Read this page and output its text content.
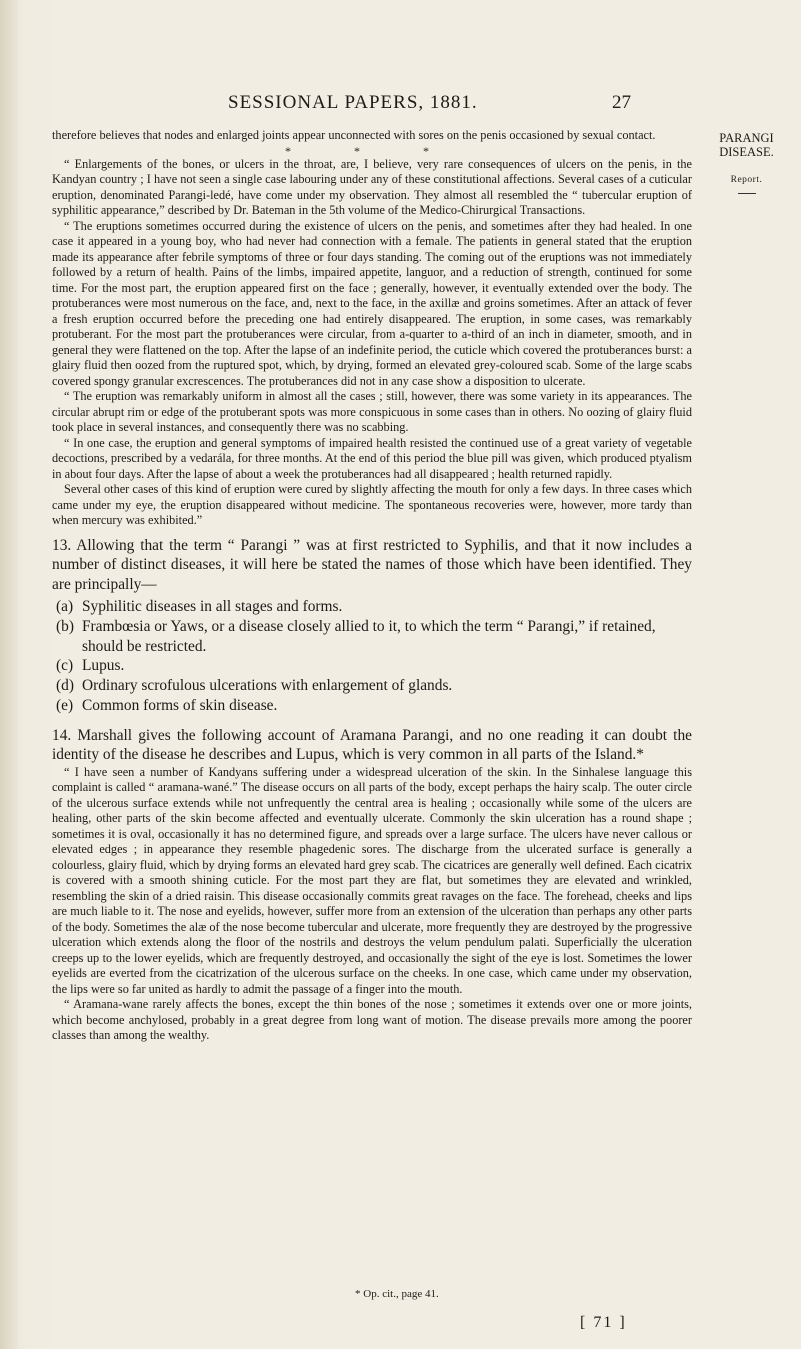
SESSIONAL PAPERS, 1881.	27
PARANGI
DISEASE.
Report.

therefore believes that nodes and enlarged joints appear unconnected with sores on the penis occasioned by sexual contact.

* * *

“ Enlargements of the bones, or ulcers in the throat, are, I believe, very rare consequences of ulcers on the penis, in the Kandyan country ; I have not seen a single case labouring under any of these constitutional affections. Several cases of a cuticular eruption, denominated Parangi-ledé, have come under my observation. They almost all resembled the “ tubercular eruption of syphilitic appearance,” described by Dr. Bateman in the 5th volume of the Medico-Chirurgical Transactions.

“ The eruptions sometimes occurred during the existence of ulcers on the penis, and sometimes after they had healed. In one case it appeared in a young boy, who had never had connection with a female. The patients in general stated that the eruption made its appearance after febrile symptoms of three or four days standing. The coming out of the eruptions was not immediately followed by a return of health. Pains of the limbs, impaired appetite, languor, and a reduction of strength, continued for some time. For the most part, the eruption appeared first on the face ; generally, however, it eventually extended over the body. The protuberances were most numerous on the face, and, next to the face, in the axillæ and groins sometimes. After an attack of fever a fresh eruption occurred before the preceding one had entirely disappeared. The eruption, in some cases, was remarkably protuberant. For the most part the protuberances were circular, from a-quarter to a-third of an inch in diameter, smooth, and in general they were flattened on the top. After the lapse of an indefinite period, the cuticle which covered the protuberances burst: a glairy fluid then oozed from the ruptured spot, which, by drying, formed an elevated grey-coloured scab. Some of the large scabs covered spongy granular excrescences. The protuberances did not in any case show a disposition to ulcerate.

“ The eruption was remarkably uniform in almost all the cases ; still, however, there was some variety in its appearances. The circular abrupt rim or edge of the protuberant spots was more conspicuous in some cases than in others. No oozing of glairy fluid took place in several instances, and consequently there was no scabbing.

“ In one case, the eruption and general symptoms of impaired health resisted the continued use of a great variety of vegetable decoctions, prescribed by a vedarála, for three months. At the end of this period the blue pill was given, which produced ptyalism in about four days. After the lapse of about a week the protuberances had all disappeared ; health returned rapidly.

Several other cases of this kind of eruption were cured by slightly affecting the mouth for only a few days. In three cases which came under my eye, the eruption disappeared without medicine. The spontaneous recoveries were, however, more tardy than when mercury was exhibited.”

13. Allowing that the term “ Parangi ” was at first restricted to Syphilis, and that it now includes a number of distinct diseases, it will here be stated the names of those which have been identified. They are principally—

(a) Syphilitic diseases in all stages and forms.
(b) Frambœsia or Yaws, or a disease closely allied to it, to which the term “ Parangi,” if retained, should be restricted.
(c) Lupus.
(d) Ordinary scrofulous ulcerations with enlargement of glands.
(e) Common forms of skin disease.

14. Marshall gives the following account of Aramana Parangi, and no one reading it can doubt the identity of the disease he describes and Lupus, which is very common in all parts of the Island.*

“ I have seen a number of Kandyans suffering under a widespread ulceration of the skin. In the Sinhalese language this complaint is called “ aramana-wané.” The disease occurs on all parts of the body, except perhaps the hairy scalp. The outer circle of the ulcerous surface extends while not unfrequently the central area is healing ; occasionally while some of the ulcers are healing, other parts of the skin become affected and eventually ulcerate. Commonly the skin ulceration has a round shape ; sometimes it is oval, occasionally it has no determined figure, and spreads over a large surface. The ulcers have never callous or elevated edges ; in appearance they resemble phagedenic sores. The discharge from the ulcerated surface is generally a colourless, glairy fluid, which by drying forms an elevated hard grey scab. The cicatrices are generally well defined. Each cicatrix is covered with a smooth shining cuticle. For the most part they are flat, but sometimes they are elevated and wrinkled, resembling the skin of a dried raisin. This disease occasionally commits great ravages on the face. The forehead, cheeks and lips are much liable to it. The nose and eyelids, however, suffer more from an extension of the ulceration than perhaps any other parts of the body. Sometimes the alæ of the nose become tubercular and ulcerate, more frequently they are destroyed by the progressive ulceration which extends along the floor of the nostrils and destroys the velum pendulum palati. Superficially the ulceration creeps up to the lower eyelids, which are frequently destroyed, and occasionally the sight of the eye is lost. Sometimes the lower eyelids are everted from the cicatrization of the ulcerous surface on the cheeks. In one case, which came under my observation, the lips were so far united as hardly to admit the passage of a finger into the mouth.

“ Aramana-wane rarely affects the bones, except the thin bones of the nose ; sometimes it extends over one or more joints, which become anchylosed, probably in a great degree from long want of motion. The disease prevails more among the poorer classes than among the wealthy.

* Op. cit., page 41.
[ 71 ]
